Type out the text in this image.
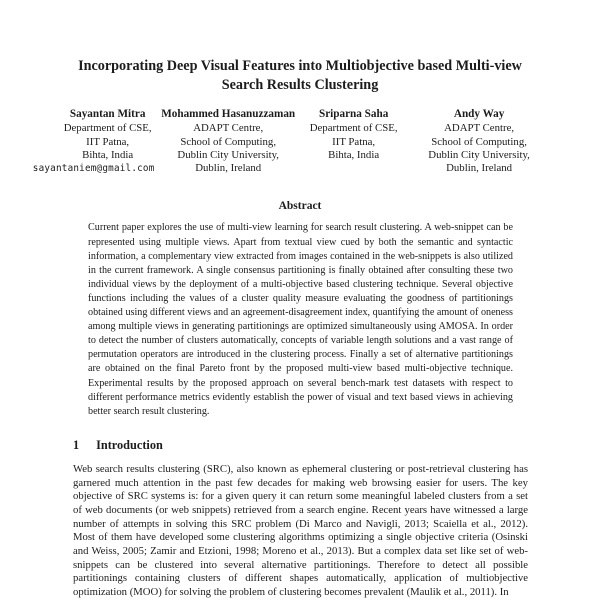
Incorporating Deep Visual Features into Multiobjective based Multi-view
Search Results Clustering
Sayantan Mitra
Department of CSE,
IIT Patna,
Bihta, India
sayantaniem@gmail.com
Mohammed Hasanuzzaman
ADAPT Centre,
School of Computing,
Dublin City University,
Dublin, Ireland
Sriparna Saha
Department of CSE,
IIT Patna,
Bihta, India
Andy Way
ADAPT Centre,
School of Computing,
Dublin City University,
Dublin, Ireland
Abstract

Current paper explores the use of multi-view learning for search result clustering. A web-snippet can be represented using multiple views. Apart from textual view cued by both the semantic and syntactic information, a complementary view extracted from images contained in the web-snippets is also utilized in the current framework. A single consensus partitioning is finally obtained after consulting these two individual views by the deployment of a multi-objective based clustering technique. Several objective functions including the values of a cluster quality measure evaluating the goodness of partitionings obtained using different views and an agreement-disagreement index, quantifying the amount of oneness among multiple views in generating partitionings are optimized simultaneously using AMOSA. In order to detect the number of clusters automatically, concepts of variable length solutions and a vast range of permutation operators are introduced in the clustering process. Finally a set of alternative partitionings are obtained on the final Pareto front by the proposed multi-view based multi-objective technique. Experimental results by the proposed approach on several bench-mark test datasets with respect to different performance metrics evidently establish the power of visual and text based views in achieving better search result clustering.

1 Introduction

Web search results clustering (SRC), also known as ephemeral clustering or post-retrieval clustering has garnered much attention in the past few decades for making web browsing easier for users. The key objective of SRC systems is: for a given query it can return some meaningful labeled clusters from a set of web documents (or web snippets) retrieved from a search engine. Recent years have witnessed a large number of attempts in solving this SRC problem (Di Marco and Navigli, 2013; Scaiella et al., 2012). Most of them have developed some clustering algorithms optimizing a single objective criteria (Osinski and Weiss, 2005; Zamir and Etzioni, 1998; Moreno et al., 2013). But a complex data set like set of web-snippets can be clustered into several alternative partitionings. Therefore to detect all possible partitionings containing clusters of different shapes automatically, application of multiobjective optimization (MOO) for solving the problem of clustering becomes prevalent (Maulik et al., 2011). In
